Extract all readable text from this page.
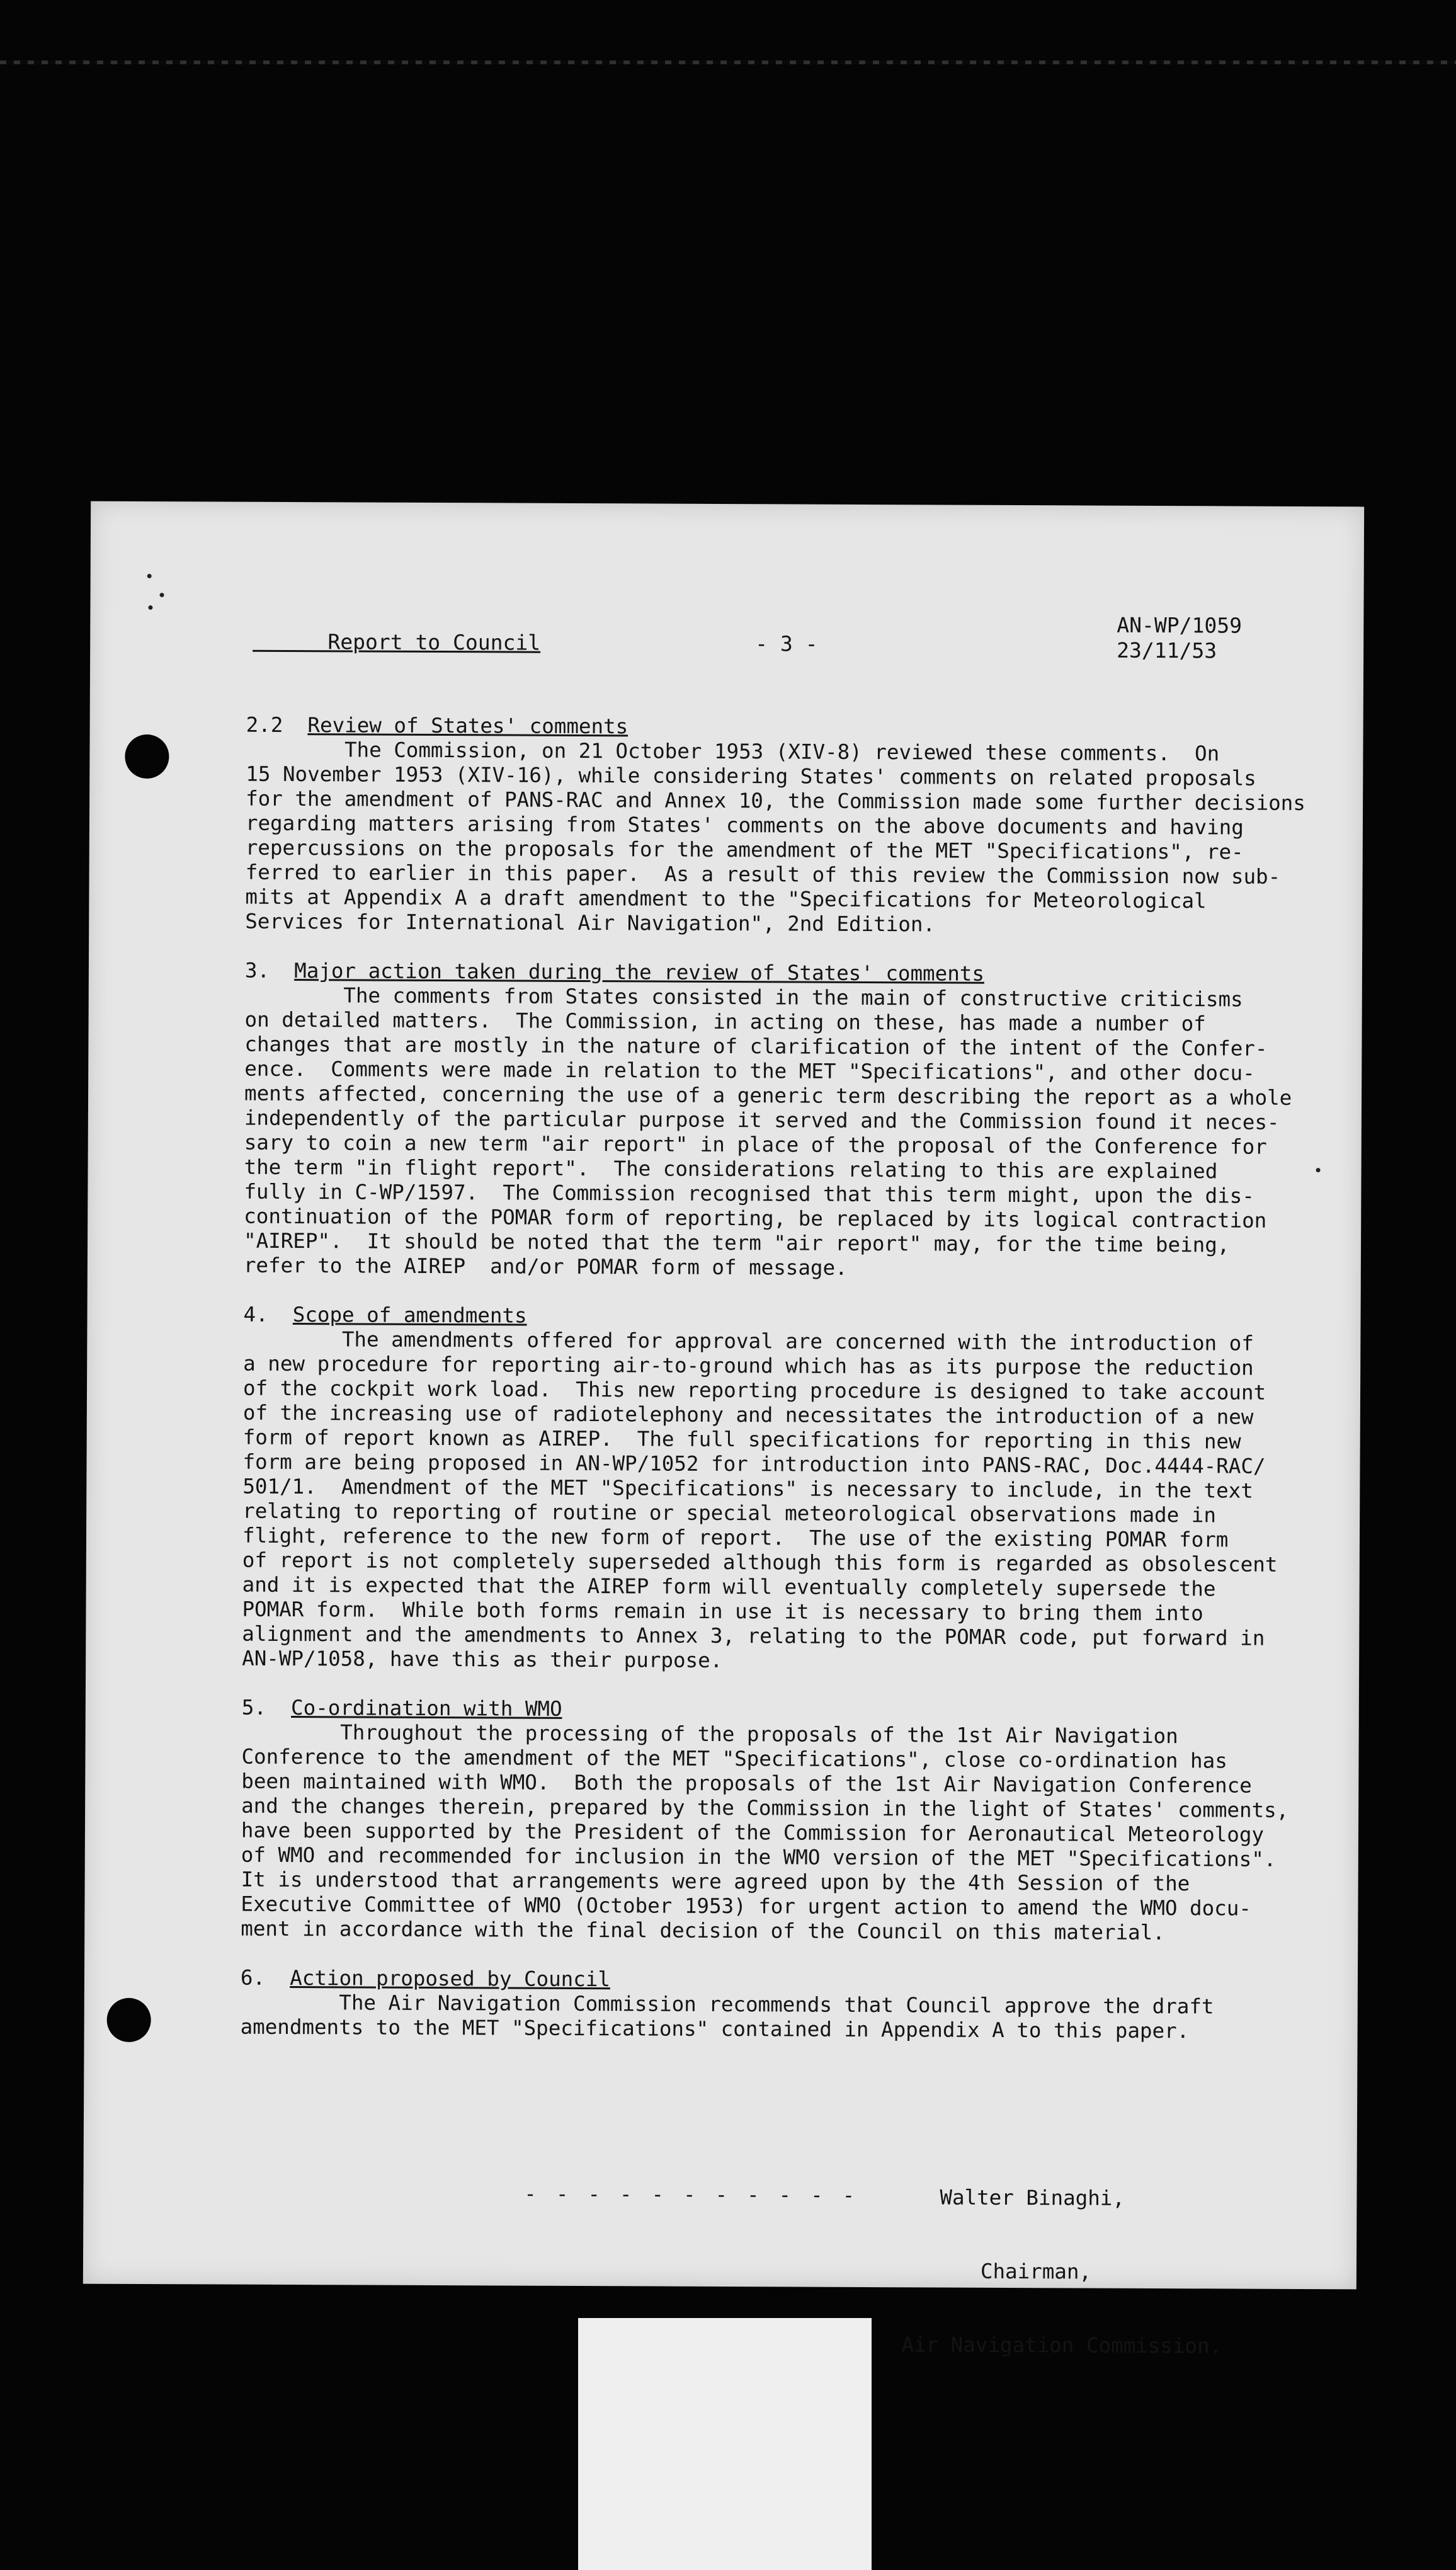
Report to Council	- 3 -
AN-WP/1059
23/11/53
2.2 Review of States' comments
The Commission, on 21 October 1953 (XIV-8) reviewed these comments.  On
15 November 1953 (XIV-16), while considering States' comments on related proposals
for the amendment of PANS-RAC and Annex 10, the Commission made some further decisions
regarding matters arising from States' comments on the above documents and having
repercussions on the proposals for the amendment of the MET "Specifications", re-
ferred to earlier in this paper.  As a result of this review the Commission now sub-
mits at Appendix A a draft amendment to the "Specifications for Meteorological
Services for International Air Navigation", 2nd Edition.
3. Major action taken during the review of States' comments
The comments from States consisted in the main of constructive criticisms
on detailed matters.  The Commission, in acting on these, has made a number of
changes that are mostly in the nature of clarification of the intent of the Confer-
ence.  Comments were made in relation to the MET "Specifications", and other docu-
ments affected, concerning the use of a generic term describing the report as a whole
independently of the particular purpose it served and the Commission found it neces-
sary to coin a new term "air report" in place of the proposal of the Conference for
the term "in flight report".  The considerations relating to this are explained
fully in C-WP/1597.  The Commission recognised that this term might, upon the dis-
continuation of the POMAR form of reporting, be replaced by its logical contraction
"AIREP".  It should be noted that the term "air report" may, for the time being,
refer to the AIREP  and/or POMAR form of message.
4. Scope of amendments
The amendments offered for approval are concerned with the introduction of
a new procedure for reporting air-to-ground which has as its purpose the reduction
of the cockpit work load.  This new reporting procedure is designed to take account
of the increasing use of radiotelephony and necessitates the introduction of a new
form of report known as AIREP.  The full specifications for reporting in this new
form are being proposed in AN-WP/1052 for introduction into PANS-RAC, Doc.4444-RAC/
501/1.  Amendment of the MET "Specifications" is necessary to include, in the text
relating to reporting of routine or special meteorological observations made in
flight, reference to the new form of report.  The use of the existing POMAR form
of report is not completely superseded although this form is regarded as obsolescent
and it is expected that the AIREP form will eventually completely supersede the
POMAR form.  While both forms remain in use it is necessary to bring them into
alignment and the amendments to Annex 3, relating to the POMAR code, put forward in
AN-WP/1058, have this as their purpose.
5. Co-ordination with WMO
Throughout the processing of the proposals of the 1st Air Navigation
Conference to the amendment of the MET "Specifications", close co-ordination has
been maintained with WMO.  Both the proposals of the 1st Air Navigation Conference
and the changes therein, prepared by the Commission in the light of States' comments,
have been supported by the President of the Commission for Aeronautical Meteorology
of WMO and recommended for inclusion in the WMO version of the MET "Specifications".
It is understood that arrangements were agreed upon by the 4th Session of the
Executive Committee of WMO (October 1953) for urgent action to amend the WMO docu-
ment in accordance with the final decision of the Council on this material.
6. Action proposed by Council
The Air Navigation Commission recommends that Council approve the draft
amendments to the MET "Specifications" contained in Appendix A to this paper.
- - - - - - - - - - -

	Walter Binaghi,

Chairman,

Air Navigation Commission.
